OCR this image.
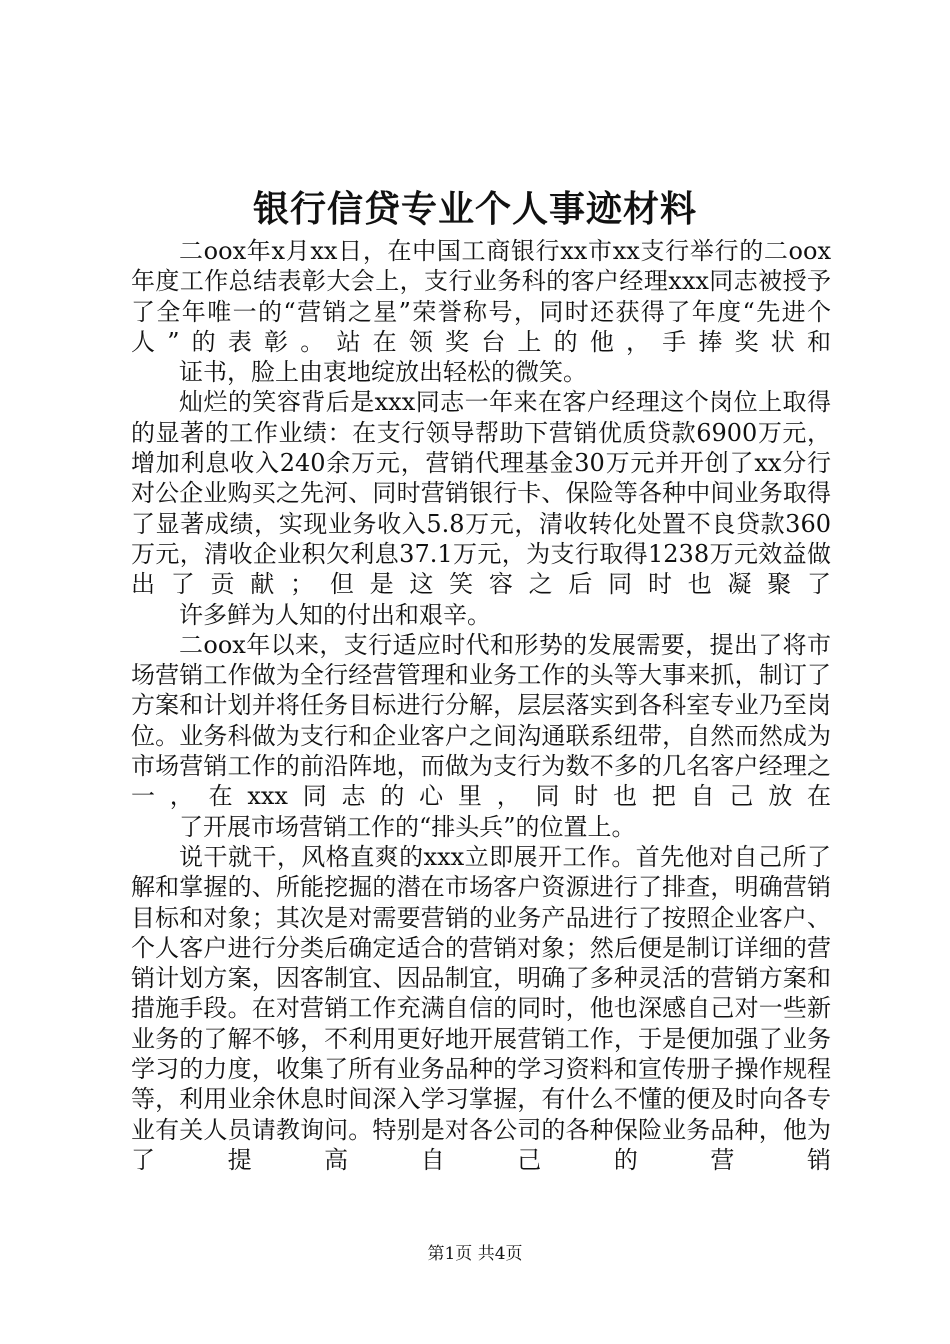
银行信贷专业个人事迹材料

二oox年x月xx日，在中国工商银行xx市xx支行举行的二oox年度工作总结表彰大会上，支行业务科的客户经理xxx同志被授予了全年唯一的“营销之星”荣誉称号，同时还获得了年度“先进个人”的表彰。站在领奖台上的他，手捧奖状和
证书，脸上由衷地绽放出轻松的微笑。

灿烂的笑容背后是xxx同志一年来在客户经理这个岗位上取得的显著的工作业绩：在支行领导帮助下营销优质贷款6900万元，增加利息收入240余万元，营销代理基金30万元并开创了xx分行对公企业购买之先河、同时营销银行卡、保险等各种中间业务取得了显著成绩，实现业务收入5.8万元，清收转化处置不良贷款360万元，清收企业积欠利息37.1万元，为支行取得1238万元效益做出了贡献；但是这笑容之后同时也凝聚了
许多鲜为人知的付出和艰辛。

二oox年以来，支行适应时代和形势的发展需要，提出了将市场营销工作做为全行经营管理和业务工作的头等大事来抓，制订了方案和计划并将任务目标进行分解，层层落实到各科室专业乃至岗位。业务科做为支行和企业客户之间沟通联系纽带，自然而然成为市场营销工作的前沿阵地，而做为支行为数不多的几名客户经理之一，在xxx同志的心里，同时也把自己放在
了开展市场营销工作的“排头兵”的位置上。

说干就干，风格直爽的xxx立即展开工作。首先他对自己所了解和掌握的、所能挖掘的潜在市场客户资源进行了排查，明确营销目标和对象；其次是对需要营销的业务产品进行了按照企业客户、个人客户进行分类后确定适合的营销对象；然后便是制订详细的营销计划方案，因客制宜、因品制宜，明确了多种灵活的营销方案和措施手段。在对营销工作充满自信的同时，他也深感自己对一些新业务的了解不够，不利用更好地开展营销工作，于是便加强了业务学习的力度，收集了所有业务品种的学习资料和宣传册子操作规程等，利用业余休息时间深入学习掌握，有什么不懂的便及时向各专业有关人员请教询问。特别是对各公司的各种保险业务品种，他为了提高自己的营销

第1页 共4页
